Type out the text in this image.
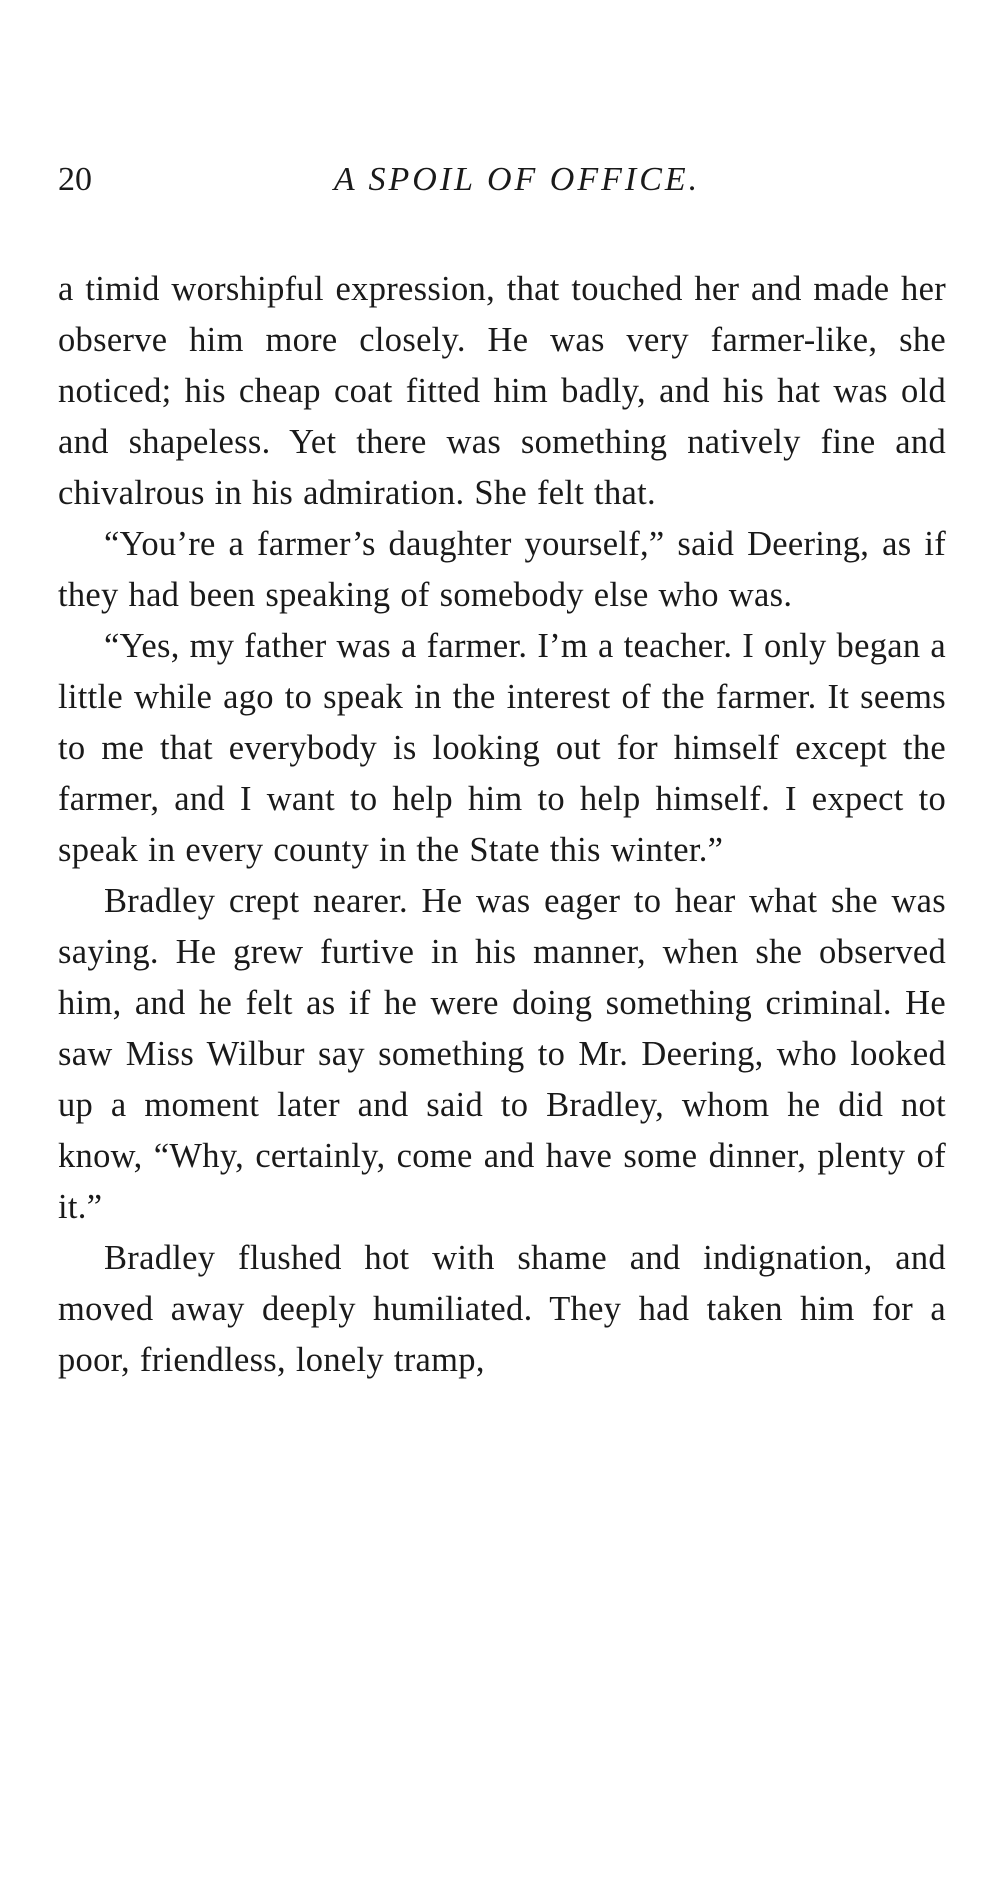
20	A SPOIL OF OFFICE.

a timid worshipful expression, that touched her and made her observe him more closely. He was very farmer-like, she noticed; his cheap coat fitted him badly, and his hat was old and shapeless. Yet there was something natively fine and chivalrous in his admiration. She felt that.

“You’re a farmer’s daughter yourself,” said Deering, as if they had been speaking of somebody else who was.

“Yes, my father was a farmer. I’m a teacher. I only began a little while ago to speak in the interest of the farmer. It seems to me that everybody is looking out for himself except the farmer, and I want to help him to help himself. I expect to speak in every county in the State this winter.”

Bradley crept nearer. He was eager to hear what she was saying. He grew furtive in his manner, when she observed him, and he felt as if he were doing something criminal. He saw Miss Wilbur say something to Mr. Deering, who looked up a moment later and said to Bradley, whom he did not know, “Why, certainly, come and have some dinner, plenty of it.”

Bradley flushed hot with shame and indignation, and moved away deeply humiliated. They had taken him for a poor, friendless, lonely tramp,
